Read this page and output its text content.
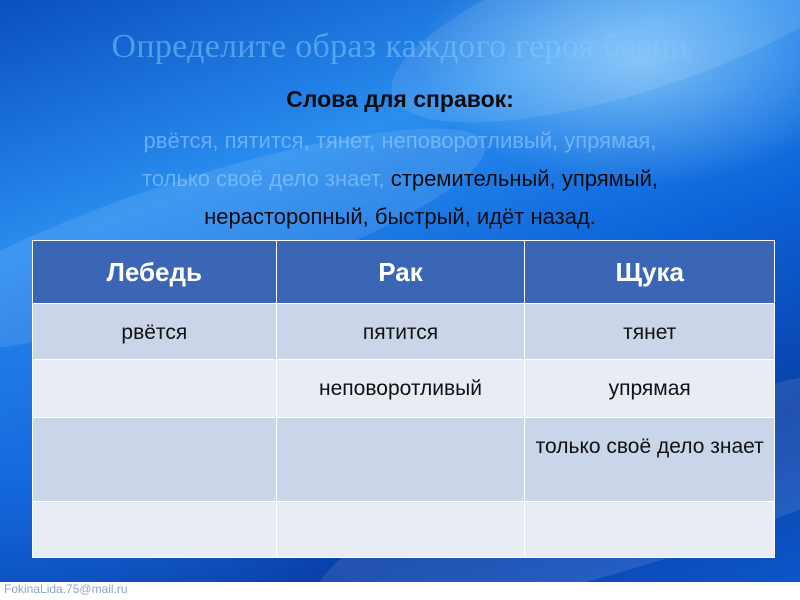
Определите образ каждого героя басни
Слова для справок:
рвётся, пятится, тянет, неповоротливый, упрямая,
только своё дело знает, стремительный, упрямый,
нерасторопный, быстрый, идёт назад.
Лебедь	Рак	Щука
рвётся	пятится	тянет
	неповоротливый	упрямая
		только своё дело знает

FokinaLida.75@mail.ru
